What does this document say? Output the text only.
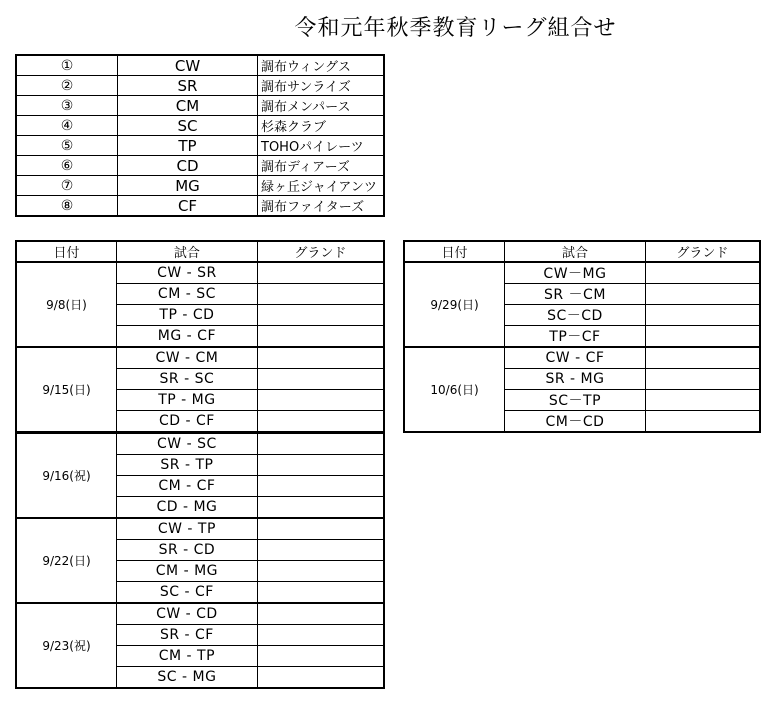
令和元年秋季教育リーグ組合せ
①	CW	調布ウィングス
②	SR	調布サンライズ
③	CM	調布メンパース
④	SC	杉森クラブ
⑤	TP	TOHOパイレーツ
⑥	CD	調布ディアーズ
⑦	MG	緑ヶ丘ジャイアンツ
⑧	CF	調布ファイターズ
日付	試合	グランド
9/8(日)	CW - SR	
	CM - SC	
	TP - CD	
	MG - CF	
9/15(日)	CW - CM	
	SR - SC	
	TP - MG	
	CD - CF	
9/16(祝)	CW - SC	
	SR - TP	
	CM - CF	
	CD - MG	
9/22(日)	CW - TP	
	SR - CD	
	CM - MG	
	SC - CF	
9/23(祝)	CW - CD	
	SR - CF	
	CM - TP	
	SC - MG	
日付	試合	グランド
9/29(日)	CW－MG	
	SR －CM	
	SC－CD	
	TP－CF	
10/6(日)	CW - CF	
	SR - MG	
	SC－TP	
	CM－CD	
